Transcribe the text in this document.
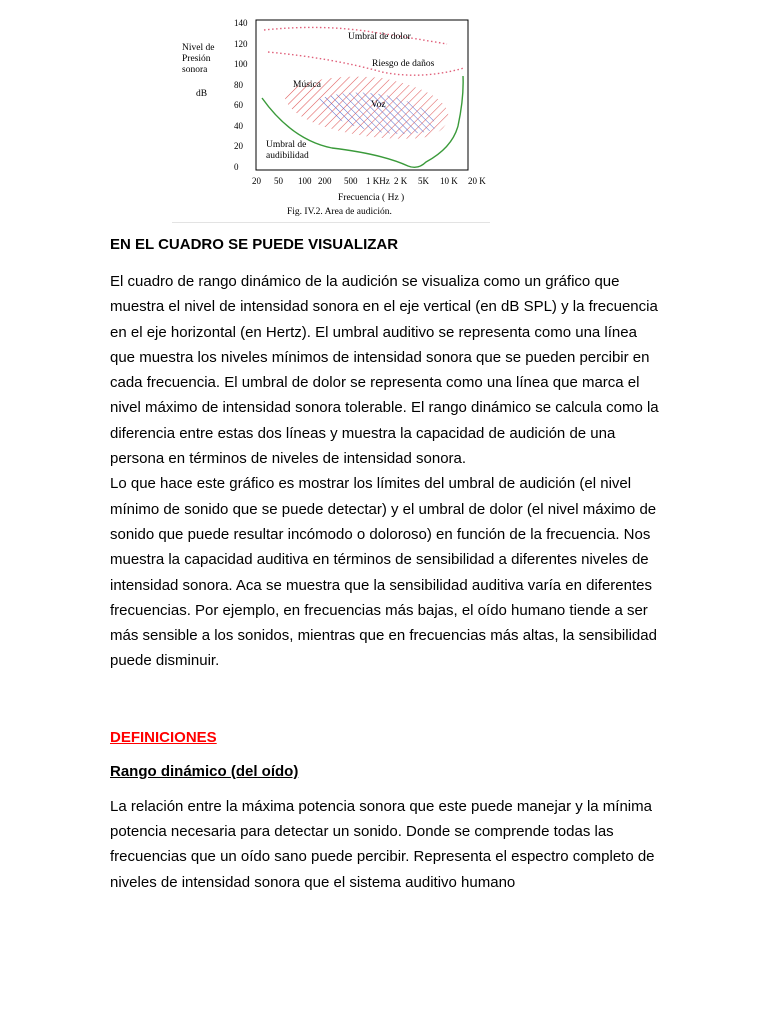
Nivel de
Presión
sonora
dB
140
120
100
80
60
40
20
0
Umbral de dolor
Riesgo de daños
Música
Voz
Umbral de
audibilidad
20 50 100 200 500 1 KHz 2 K 5K 10 K 20 K
Frecuencia ( Hz )
Fig. IV.2. Area de audición.
EN EL CUADRO SE PUEDE VISUALIZAR

El cuadro de rango dinámico de la audición se visualiza como un gráfico que muestra el nivel de intensidad sonora en el eje vertical (en dB SPL) y la frecuencia en el eje horizontal (en Hertz). El umbral auditivo se representa como una línea que muestra los niveles mínimos de intensidad sonora que se pueden percibir en cada frecuencia. El umbral de dolor se representa como una línea que marca el nivel máximo de intensidad sonora tolerable. El rango dinámico se calcula como la diferencia entre estas dos líneas y muestra la capacidad de audición de una persona en términos de niveles de intensidad sonora.

Lo que hace este gráfico es mostrar los límites del umbral de audición (el nivel mínimo de sonido que se puede detectar) y el umbral de dolor (el nivel máximo de sonido que puede resultar incómodo o doloroso) en función de la frecuencia. Nos muestra la capacidad auditiva en términos de sensibilidad a diferentes niveles de intensidad sonora. Aca se muestra que la sensibilidad auditiva varía en diferentes frecuencias. Por ejemplo, en frecuencias más bajas, el oído humano tiende a ser más sensible a los sonidos, mientras que en frecuencias más altas, la sensibilidad puede disminuir.

DEFINICIONES
Rango dinámico (del oído)

La relación entre la máxima potencia sonora que este puede manejar y la mínima potencia necesaria para detectar un sonido. Donde se comprende todas las frecuencias que un oído sano puede percibir. Representa el espectro completo de niveles de intensidad sonora que el sistema auditivo humano
